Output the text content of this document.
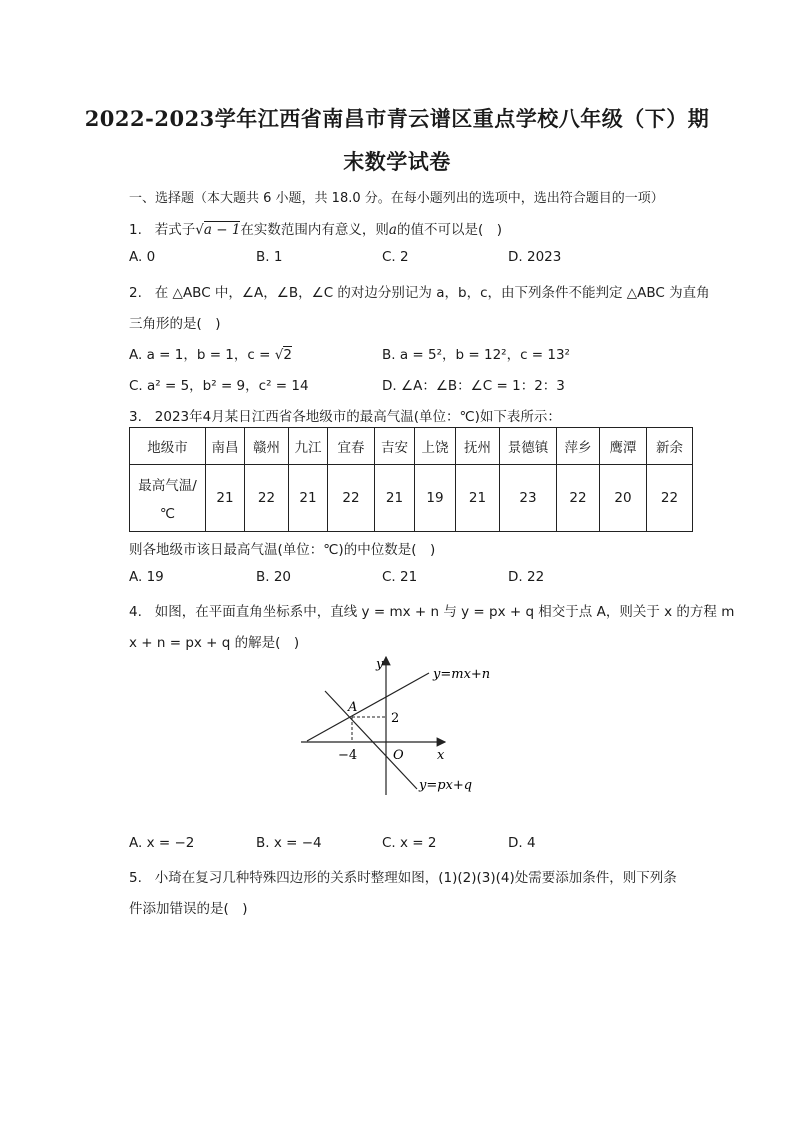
2022-2023学年江西省南昌市青云谱区重点学校八年级（下）期
末数学试卷
一、选择题（本大题共 6 小题，共 18.0 分。在每小题列出的选项中，选出符合题目的一项）
1. 若式子√a − 1在实数范围内有意义，则a的值不可以是(　)
A. 0	B. 1	C. 2	D. 2023
2. 在 △ABC 中，∠A，∠B，∠C 的对边分别记为 a，b，c，由下列条件不能判定 △ABC 为直角
三角形的是(　)
A. a = 1，b = 1，c = √2	B. a = 5²，b = 12²，c = 13²
C. a² = 5，b² = 9，c² = 14	D. ∠A：∠B：∠C = 1：2：3
3. 2023年4月某日江西省各地级市的最高气温(单位：℃)如下表所示：
地级市	南昌	赣州	九江	宜春	吉安	上饶	抚州	景德镇	萍乡	鹰潭	新余

最高气温/
℃	21	22	21	22	21	19	21	23	22	20	22
则各地级市该日最高气温(单位：℃)的中位数是(　)
A. 19	B. 20	C. 21	D. 22
4. 如图，在平面直角坐标系中，直线 y = mx + n 与 y = px + q 相交于点 A，则关于 x 的方程 m
x + n = px + q 的解是(　)
y
x
O
A
−4
2
y=mx+n
y=px+q
A. x = −2	B. x = −4	C. x = 2	D. 4
5. 小琦在复习几种特殊四边形的关系时整理如图，(1)(2)(3)(4)处需要添加条件，则下列条
件添加错误的是(　)
